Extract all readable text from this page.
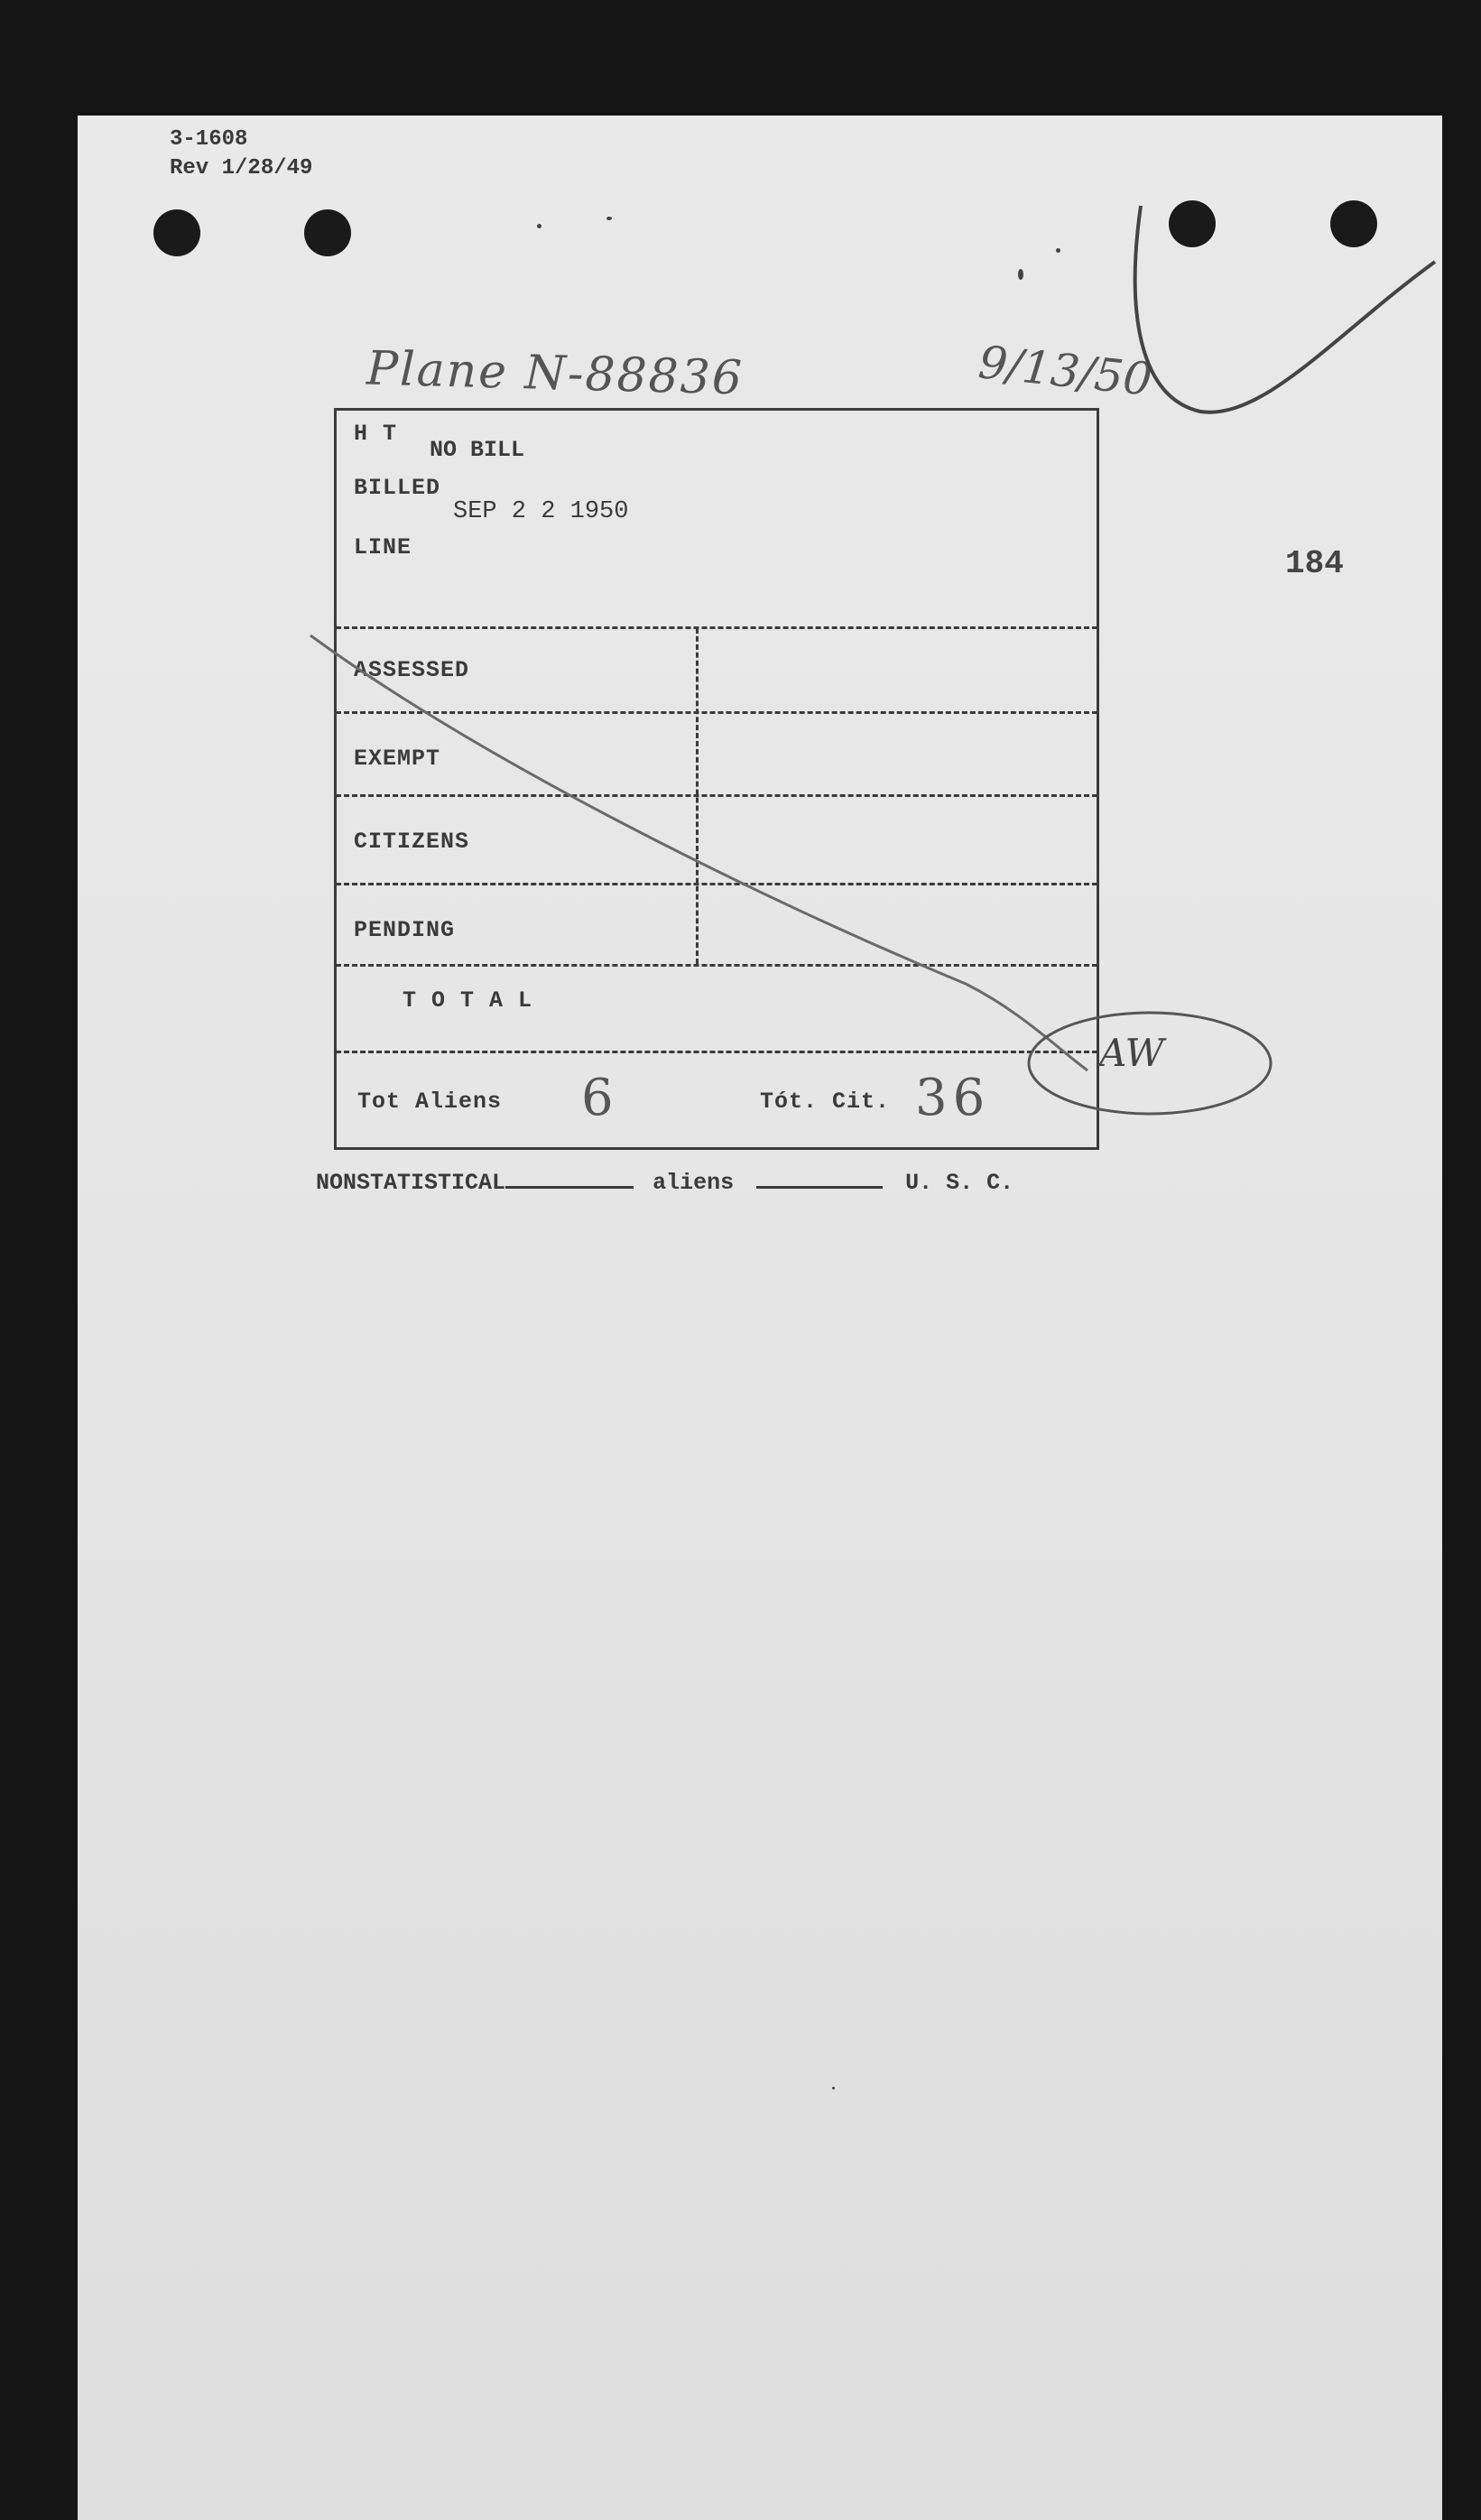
3-1608
Rev 1/28/49
184
Plane N-88836	9/13/50
H T
NO BILL
BILLED
SEP 2 2 1950
LINE
ASSESSED
EXEMPT
CITIZENS
PENDING
T O T A L
Tot Aliens 6	Tót. Cit. 36
AW
NONSTATISTICAL	aliens	U. S. C.
